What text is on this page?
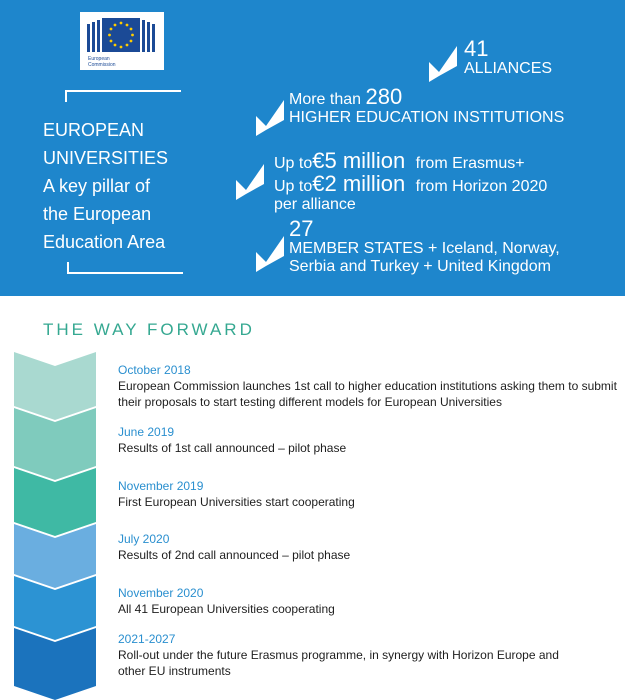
European
Commission
EUROPEAN
UNIVERSITIES
A key pillar of
the European
Education Area
41
ALLIANCES
More than 280
HIGHER EDUCATION INSTITUTIONS
Up to€5 million from Erasmus+
Up to€2 million from Horizon 2020
per alliance
27
MEMBER STATES + Iceland, Norway,
Serbia and Turkey + United Kingdom
THE WAY FORWARD
October 2018
European Commission launches 1st call to higher education institutions asking them to submit their proposals to start testing different models for European Universities
June 2019
Results of 1st call announced – pilot phase
November 2019
First European Universities start cooperating
July 2020
Results of 2nd call announced – pilot phase
November 2020
All 41 European Universities cooperating
2021-2027
Roll-out under the future Erasmus programme, in synergy with Horizon Europe and other EU instruments
